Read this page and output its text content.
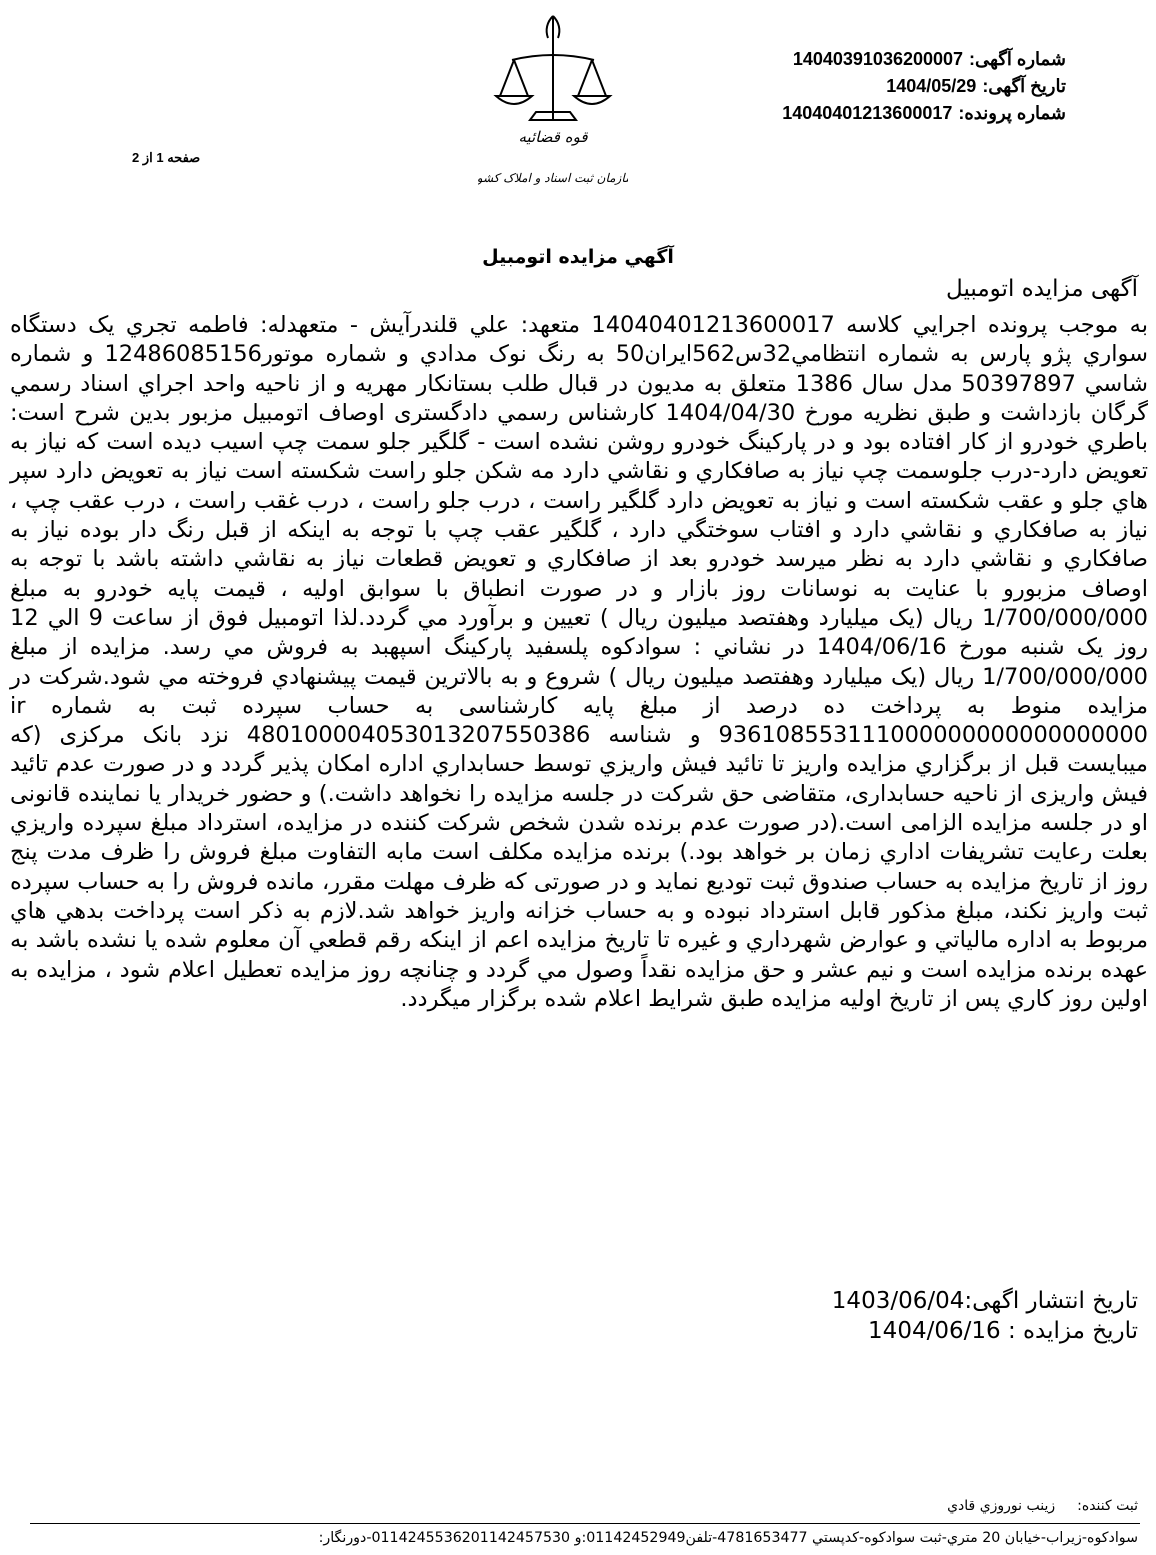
قوه قضائیه
سازمان ثبت اسناد و املاک کشور
شماره آگهی:14040391036200007
تاریخ آگهی:1404/05/29
شماره پرونده:14040401213600017
صفحه 1 از 2
آگهي مزايده اتومبيل
آگهی مزایده اتومبیل

به موجب پرونده اجرايي كلاسه 14040401213600017 متعهد: علي قلندرآيش - متعهدله: فاطمه تجري يک دستگاه سواري پژو پارس به شماره انتظامي32س562ايران50 به رنگ نوک مدادي و شماره موتور12486085156 و شماره شاسي 50397897 مدل سال 1386 متعلق به مديون در قبال طلب بستانكار مهريه و از ناحيه واحد اجراي اسناد رسمي گرگان بازداشت و طبق نظريه مورخ 1404/04/30 كارشناس رسمي دادگستری اوصاف اتومبيل مزبور بدين شرح است: باطري خودرو از كار افتاده بود و در پاركينگ خودرو روشن نشده است - گلگير جلو سمت چپ اسيب ديده است كه نياز به تعويض دارد-درب جلوسمت چپ نياز به صافكاري و نقاشي دارد مه شكن جلو راست شكسته است نياز به تعويض دارد سپر هاي جلو و عقب شكسته است و نياز به تعويض دارد گلگير راست ، درب جلو راست ، درب غقب راست ، درب عقب چپ ، نياز به صافكاري و نقاشي دارد و افتاب سوختگي دارد ، گلگير عقب چپ با توجه به اينكه از قبل رنگ دار بوده نياز به صافكاري و نقاشي دارد به نظر ميرسد خودرو بعد از صافكاري و تعويض قطعات نياز به نقاشي داشته باشد با توجه به اوصاف مزبورو با عنايت به نوسانات روز بازار و در صورت انطباق با سوابق اوليه ، قيمت پايه خودرو به مبلغ 1/700/000/000 ريال (يک ميليارد وهفتصد ميليون ريال ) تعيين و برآورد مي گردد.لذا اتومبيل فوق از ساعت 9 الي 12 روز يک شنبه مورخ 1404/06/16 در نشاني : سوادكوه پلسفيد پاركينگ اسپهبد به فروش مي رسد. مزايده از مبلغ 1/700/000/000 ريال (يک ميليارد وهفتصد ميليون ريال ) شروع و به بالاترين قيمت پيشنهادي فروخته مي شود.شركت در مزايده منوط به پرداخت ده درصد از مبلغ پايه كارشناسی به حساب سپرده ثبت به شماره ir 936108553111000000000000000000 و شناسه 480100004053013207550386 نزد بانک مركزی (كه ميبايست قبل از برگزاري مزايده واريز تا تائيد فيش واريزي توسط حسابداري اداره امكان پذير گردد و در صورت عدم تائيد فيش واريزی از ناحيه حسابداری، متقاضی حق شركت در جلسه مزايده را نخواهد داشت.) و حضور خريدار يا نماينده قانونی او در جلسه مزايده الزامی است.(در صورت عدم برنده شدن شخص شركت كننده در مزايده، استرداد مبلغ سپرده واريزي بعلت رعايت تشريفات اداري زمان بر خواهد بود.) برنده مزايده مكلف است مابه التفاوت مبلغ فروش را ظرف مدت پنج روز از تاريخ مزايده به حساب صندوق ثبت توديع نمايد و در صورتی كه ظرف مهلت مقرر، مانده فروش را به حساب سپرده ثبت واريز نكند، مبلغ مذكور قابل استرداد نبوده و به حساب خزانه واريز خواهد شد.لازم به ذكر است پرداخت بدهي هاي مربوط به اداره مالياتي و عوارض شهرداري و غيره تا تاريخ مزايده اعم از اينكه رقم قطعي آن معلوم شده يا نشده باشد به عهده برنده مزايده است و نيم عشر و حق مزايده نقداً وصول مي گردد و چنانچه روز مزايده تعطيل اعلام شود ، مزايده به اولين روز كاري پس از تاريخ اوليه مزايده طبق شرايط اعلام شده برگزار ميگردد.

تاریخ انتشار اگهی:1403/06/04
تاریخ مزایده : 1404/06/16
ثبت کننده:زینب نوروزي قادي
سوادکوه-زیراب-خیابان 20 متري-ثبت سوادکوه-کدپستي 4781653477-تلفن01142452949:و 0114245536201142457530-دورنگار:
